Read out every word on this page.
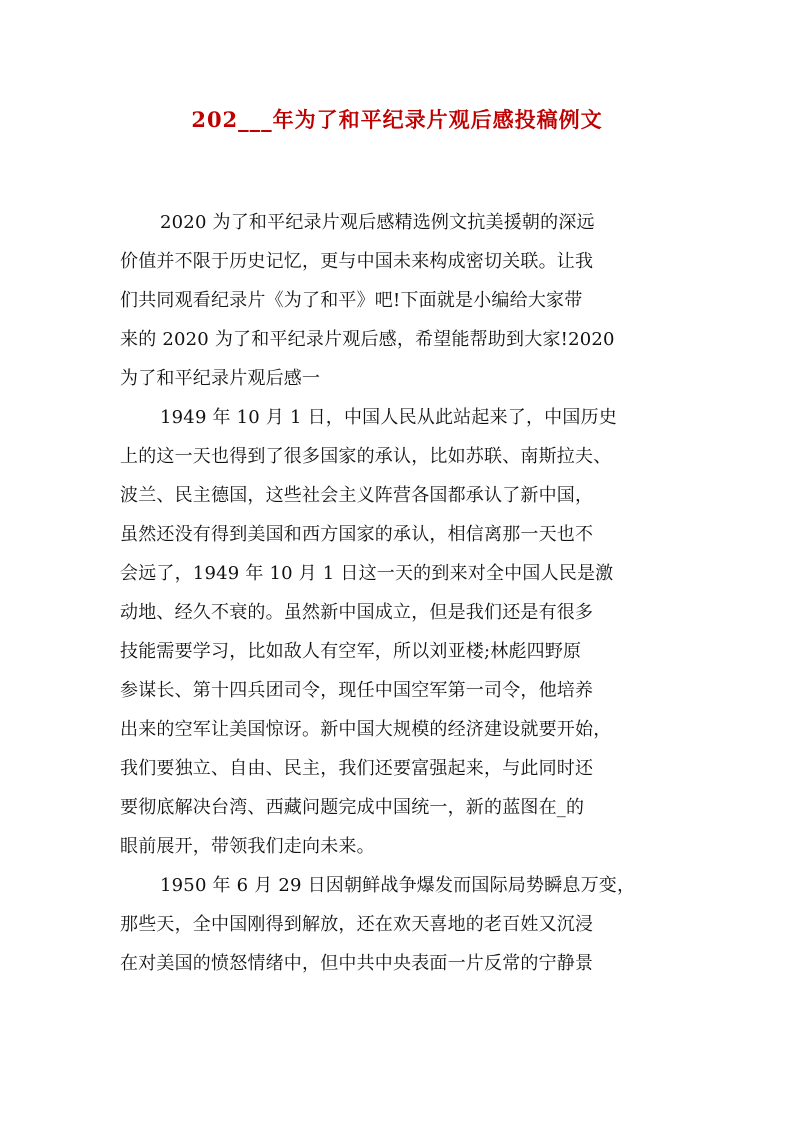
202___年为了和平纪录片观后感投稿例文
2020 为了和平纪录片观后感精选例文抗美援朝的深远
价值并不限于历史记忆，更与中国未来构成密切关联。让我
们共同观看纪录片《为了和平》吧!下面就是小编给大家带
来的 2020 为了和平纪录片观后感，希望能帮助到大家!2020
为了和平纪录片观后感一
1949 年 10 月 1 日，中国人民从此站起来了，中国历史
上的这一天也得到了很多国家的承认，比如苏联、南斯拉夫、
波兰、民主德国，这些社会主义阵营各国都承认了新中国，
虽然还没有得到美国和西方国家的承认，相信离那一天也不
会远了，1949 年 10 月 1 日这一天的到来对全中国人民是激
动地、经久不衰的。虽然新中国成立，但是我们还是有很多
技能需要学习，比如敌人有空军，所以刘亚楼;林彪四野原
参谋长、第十四兵团司令，现任中国空军第一司令，他培养
出来的空军让美国惊讶。新中国大规模的经济建设就要开始，
我们要独立、自由、民主，我们还要富强起来，与此同时还
要彻底解决台湾、西藏问题完成中国统一，新的蓝图在_的
眼前展开，带领我们走向未来。
1950 年 6 月 29 日因朝鲜战争爆发而国际局势瞬息万变，
那些天，全中国刚得到解放，还在欢天喜地的老百姓又沉浸
在对美国的愤怒情绪中，但中共中央表面一片反常的宁静景
